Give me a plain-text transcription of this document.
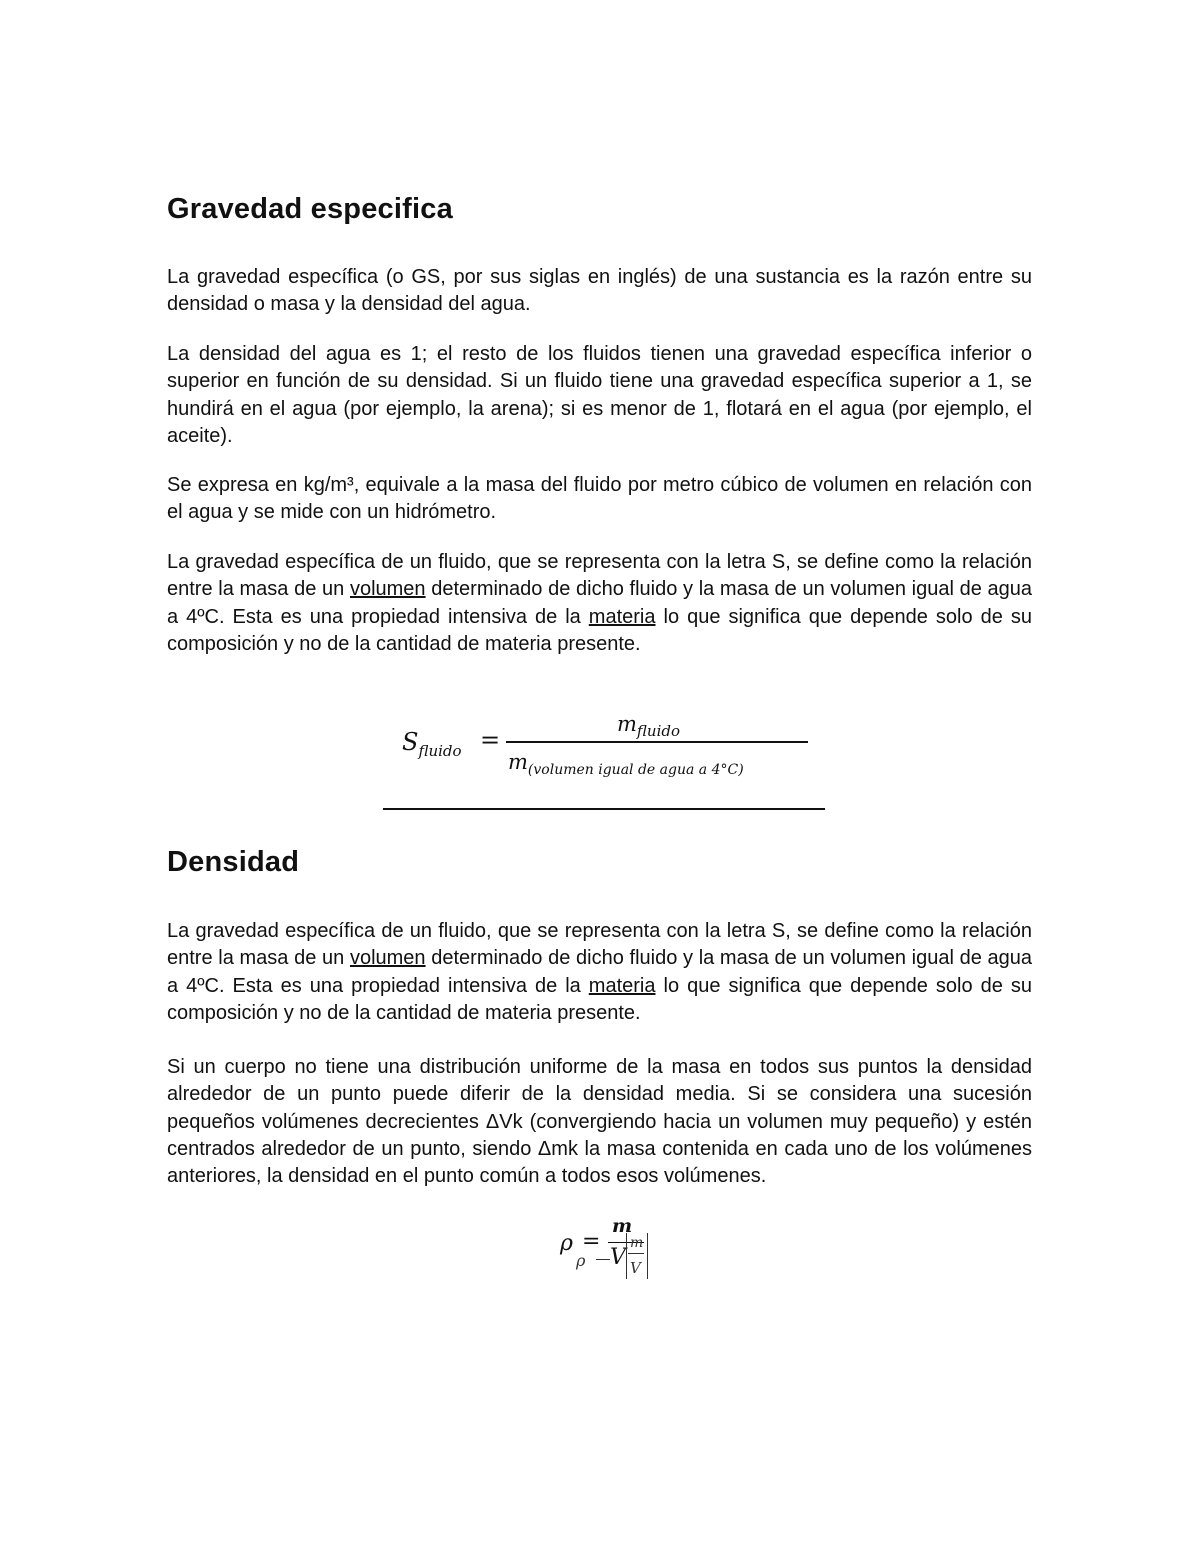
Gravedad especifica

La gravedad específica (o GS, por sus siglas en inglés) de una sustancia es la razón entre su densidad o masa y la densidad del agua.

La densidad del agua es 1; el resto de los fluidos tienen una gravedad específica inferior o superior en función de su densidad. Si un fluido tiene una gravedad específica superior a 1, se hundirá en el agua (por ejemplo, la arena); si es menor de 1, flotará en el agua (por ejemplo, el aceite).

Se expresa en kg/m³, equivale a la masa del fluido por metro cúbico de volumen en relación con el agua y se mide con un hidrómetro.

La gravedad específica de un fluido, que se representa con la letra S, se define como la relación entre la masa de un volumen determinado de dicho fluido y la masa de un volumen igual de agua a 4ºC. Esta es una propiedad intensiva de la materia lo que significa que depende solo de su composición y no de la cantidad de materia presente.

Densidad

La gravedad específica de un fluido, que se representa con la letra S, se define como la relación entre la masa de un volumen determinado de dicho fluido y la masa de un volumen igual de agua a 4ºC. Esta es una propiedad intensiva de la materia lo que significa que depende solo de su composición y no de la cantidad de materia presente.

Si un cuerpo no tiene una distribución uniforme de la masa en todos sus puntos la densidad alrededor de un punto puede diferir de la densidad media. Si se considera una sucesión pequeños volúmenes decrecientes ΔVk (convergiendo hacia un volumen muy pequeño) y estén centrados alrededor de un punto, siendo Δmk la masa contenida en cada uno de los volúmenes anteriores, la densidad en el punto común a todos esos volúmenes.

$S_{fluido}$ =
$m_{fluido}$
$m_{(volumen igual de agua a 4^\circ C)}$
ρ =
m
V
ρ
m
V
